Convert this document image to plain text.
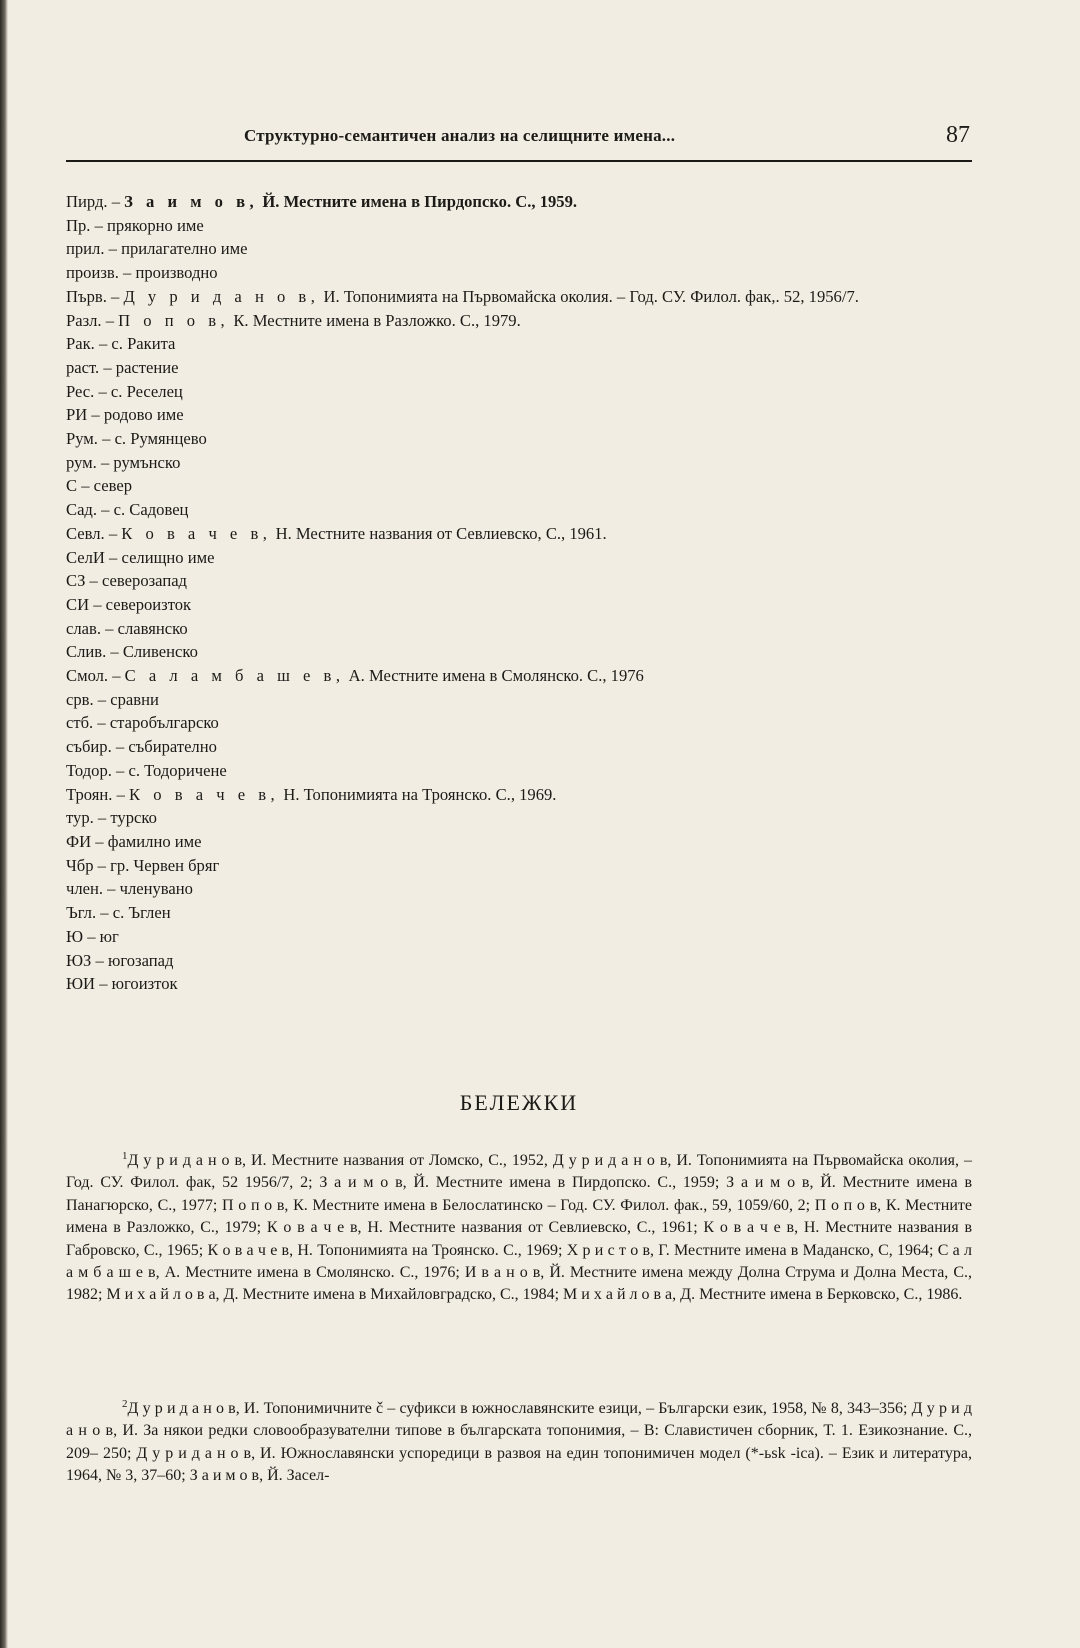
Структурно-семантичен анализ на селищните имена...	87
Пирд. – З а и м о в, Й. Местните имена в Пирдопско. С., 1959.
Пр. – прякорно име
прил. – прилагателно име
произв. – производно
Първ. – Д у р и д а н о в, И. Топонимията на Първомайска околия. – Год. СУ. Филол. фак,. 52, 1956/7.
Разл. – П о п о в, К. Местните имена в Разложко. С., 1979.
Рак. – с. Ракита
раст. – растение
Рес. – с. Реселец
РИ – родово име
Рум. – с. Румянцево
рум. – румънско
С – север
Сад. – с. Садовец
Севл. – К о в а ч е в, Н. Местните названия от Севлиевско, С., 1961.
СелИ – селищно име
СЗ – северозапад
СИ – североизток
слав. – славянско
Слив. – Сливенско
Смол. – С а л а м б а ш е в, А. Местните имена в Смолянско. С., 1976
срв. – сравни
стб. – старобългарско
събир. – събирателно
Тодор. – с. Тодоричене
Троян. – К о в а ч е в, Н. Топонимията на Троянско. С., 1969.
тур. – турско
ФИ – фамилно име
Чбр – гр. Червен бряг
член. – членувано
Ъгл. – с. Ъглен
Ю – юг
ЮЗ – югозапад
ЮИ – югоизток
БЕЛЕЖКИ

$^1$Д у р и д а н о в, И. Местните названия от Ломско, С., 1952, Д у р и д а н о в, И. Топонимията на Първомайска околия, – Год. СУ. Филол. фак, 52 1956/7, 2; З а и м о в, Й. Местните имена в Пирдопско. С., 1959; З а и м о в, Й. Местните имена в Панагюрско, С., 1977; П о п о в, К. Местните имена в Белослатинско – Год. СУ. Филол. фак., 59, 1059/60, 2; П о п о в, К. Местните имена в Разложко, С., 1979; К о в а ч е в, Н. Местните названия от Севлиевско, С., 1961; К о в а ч е в, Н. Местните названия в Габровско, С., 1965; К о в а ч е в, Н. Топонимията на Троянско. С., 1969; Х р и с т о в, Г. Местните имена в Маданско, С, 1964; С а л а м б а ш е в, А. Местните имена в Смолянско. С., 1976; И в а н о в, Й. Местните имена между Долна Струма и Долна Места, С., 1982; М и х а й л о в а, Д. Местните имена в Михайловградско, С., 1984; М и х а й л о в а, Д. Местните имена в Берковско, С., 1986.

$^2$Д у р и д а н о в, И. Топонимичните č – суфикси в южнославянските езици, – Български език, 1958, № 8, 343–356; Д у р и д а н о в, И. За някои редки словообразувателни типове в българската топонимия, – В: Славистичен сборник, Т. 1. Езикознание. С., 209– 250; Д у р и д а н о в, И. Южнославянски успоредици в развоя на един топонимичен модел (*-ьsk -ica). – Език и литература, 1964, № 3, 37–60; З а и м о в, Й. Засел-
